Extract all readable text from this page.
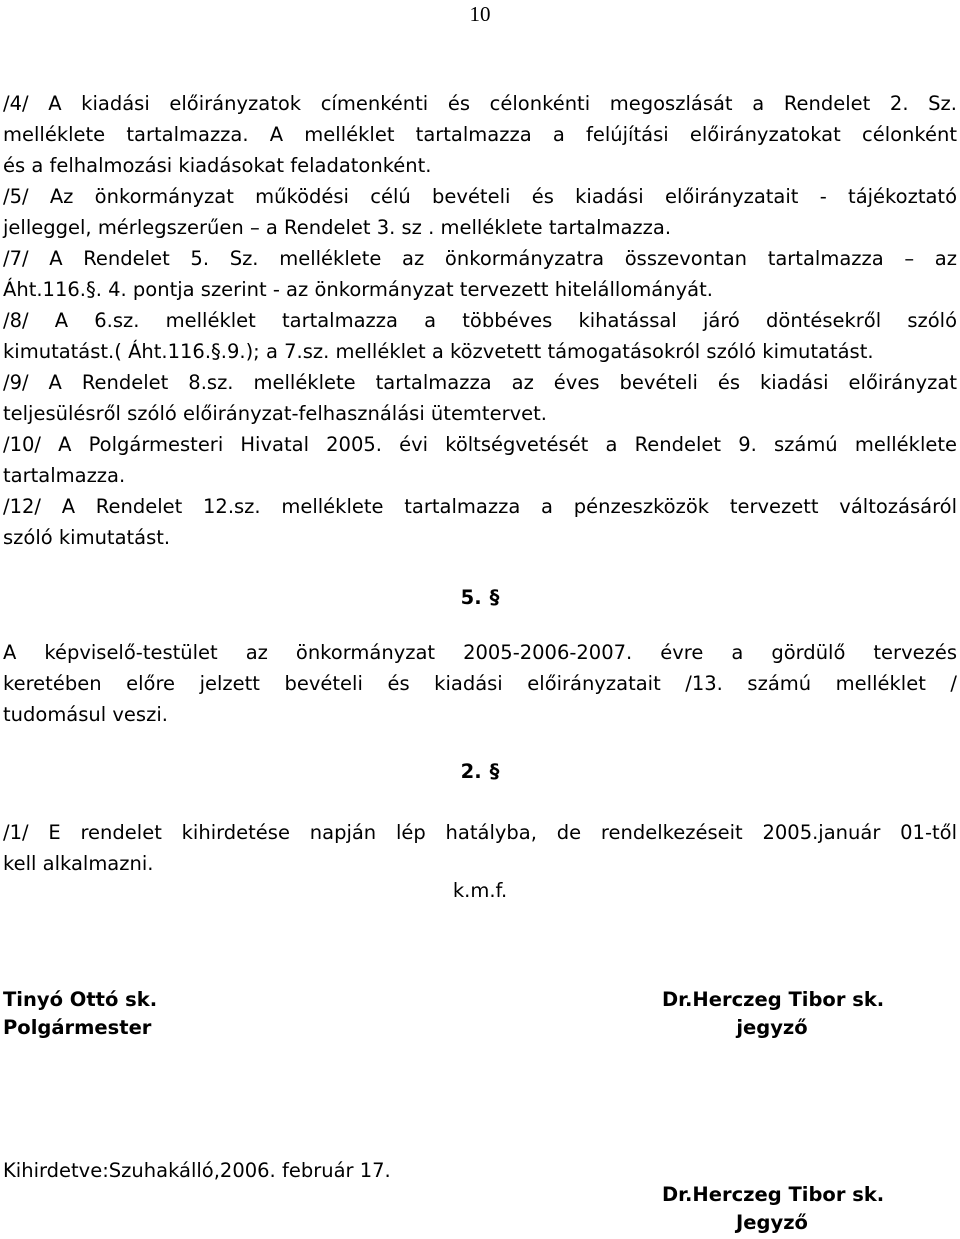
10
/4/ A kiadási előirányzatok címenkénti és célonkénti megoszlását a Rendelet 2. Sz.
melléklete tartalmazza. A melléklet tartalmazza a felújítási előirányzatokat célonként
és a felhalmozási kiadásokat feladatonként.
/5/ Az önkormányzat működési célú bevételi és kiadási előirányzatait - tájékoztató
jelleggel, mérlegszerűen – a Rendelet 3. sz . melléklete tartalmazza.
/7/ A Rendelet 5. Sz. melléklete az önkormányzatra összevontan tartalmazza – az
Áht.116.§. 4. pontja szerint - az önkormányzat tervezett hitelállományát.
/8/ A 6.sz. melléklet tartalmazza a többéves kihatással járó döntésekről szóló
kimutatást.( Áht.116.§.9.); a 7.sz. melléklet a közvetett támogatásokról szóló kimutatást.
/9/ A Rendelet 8.sz. melléklete tartalmazza az éves bevételi és kiadási előirányzat
teljesülésről szóló előirányzat-felhasználási ütemtervet.
/10/ A Polgármesteri Hivatal 2005. évi költségvetését a Rendelet 9. számú melléklete
tartalmazza.
/12/ A Rendelet 12.sz. melléklete tartalmazza a pénzeszközök tervezett változásáról
szóló kimutatást.
5. §
A képviselő-testület az önkormányzat 2005-2006-2007. évre a gördülő tervezés
keretében előre jelzett bevételi és kiadási előirányzatait /13. számú melléklet /
tudomásul veszi.
2. §
/1/ E rendelet kihirdetése napján lép hatályba, de rendelkezéseit 2005.január 01-től
kell alkalmazni.
k.m.f.
Tinyó Ottó sk.
Polgármester
Dr.Herczeg Tibor sk.
jegyző
Kihirdetve:Szuhakálló,2006. február 17.
Dr.Herczeg Tibor sk.
Jegyző
